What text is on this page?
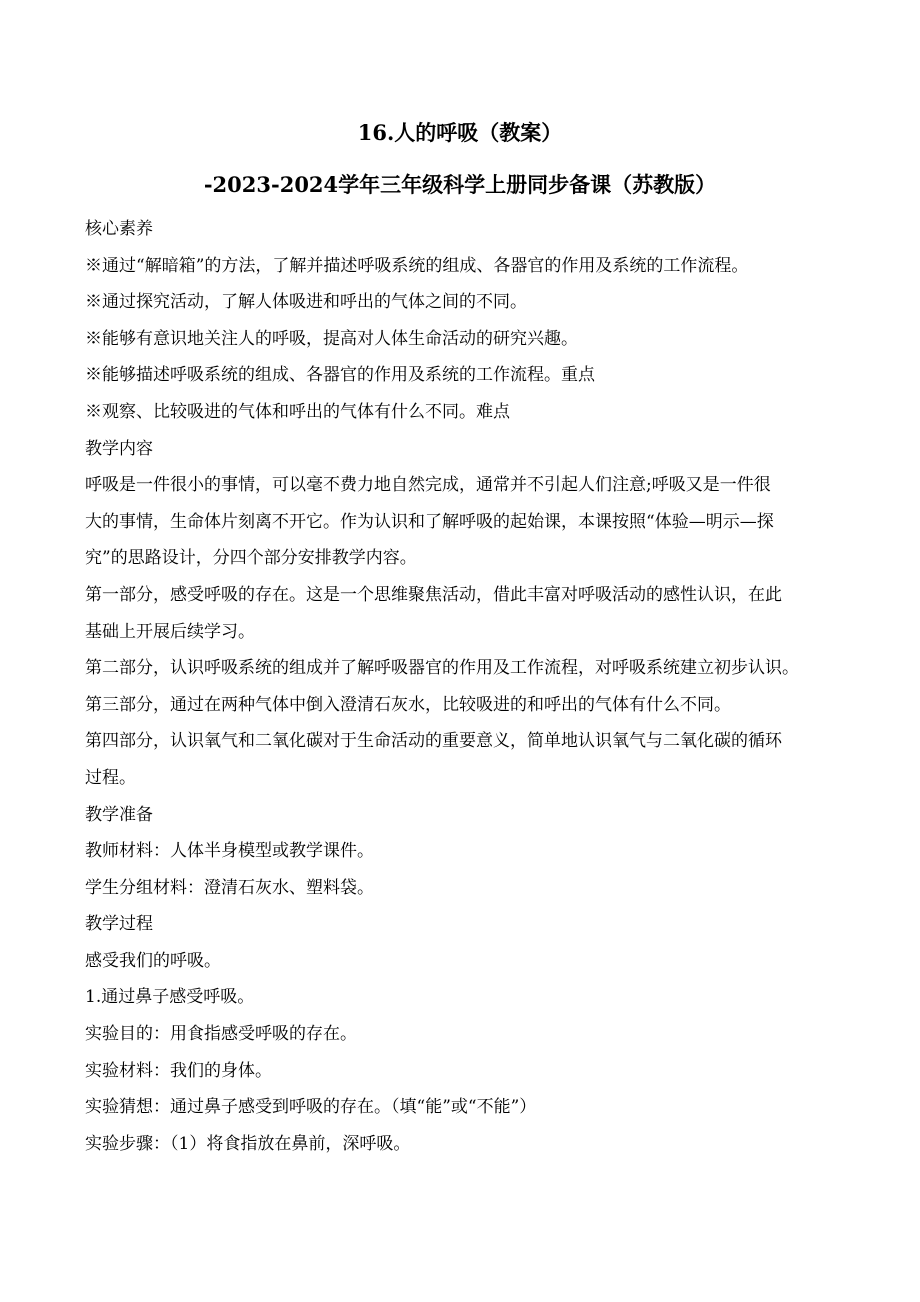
16.人的呼吸（教案）
-2023-2024学年三年级科学上册同步备课（苏教版）
核心素养
※通过“解暗箱”的方法，了解并描述呼吸系统的组成、各器官的作用及系统的工作流程。
※通过探究活动，了解人体吸进和呼出的气体之间的不同。
※能够有意识地关注人的呼吸，提高对人体生命活动的研究兴趣。
※能够描述呼吸系统的组成、各器官的作用及系统的工作流程。重点
※观察、比较吸进的气体和呼出的气体有什么不同。难点
教学内容
呼吸是一件很小的事情，可以毫不费力地自然完成，通常并不引起人们注意;呼吸又是一件很
大的事情，生命体片刻离不开它。作为认识和了解呼吸的起始课，本课按照“体验—明示—探
究”的思路设计，分四个部分安排教学内容。
第一部分，感受呼吸的存在。这是一个思维聚焦活动，借此丰富对呼吸活动的感性认识，在此
基础上开展后续学习。
第二部分，认识呼吸系统的组成并了解呼吸器官的作用及工作流程，对呼吸系统建立初步认识。
第三部分，通过在两种气体中倒入澄清石灰水，比较吸进的和呼出的气体有什么不同。
第四部分，认识氧气和二氧化碳对于生命活动的重要意义，简单地认识氧气与二氧化碳的循环
过程。
教学准备
教师材料：人体半身模型或教学课件。
学生分组材料：澄清石灰水、塑料袋。
教学过程
感受我们的呼吸。
1.通过鼻子感受呼吸。
实验目的：用食指感受呼吸的存在。
实验材料：我们的身体。
实验猜想：通过鼻子感受到呼吸的存在。（填“能”或“不能”）
实验步骤：（1）将食指放在鼻前，深呼吸。
